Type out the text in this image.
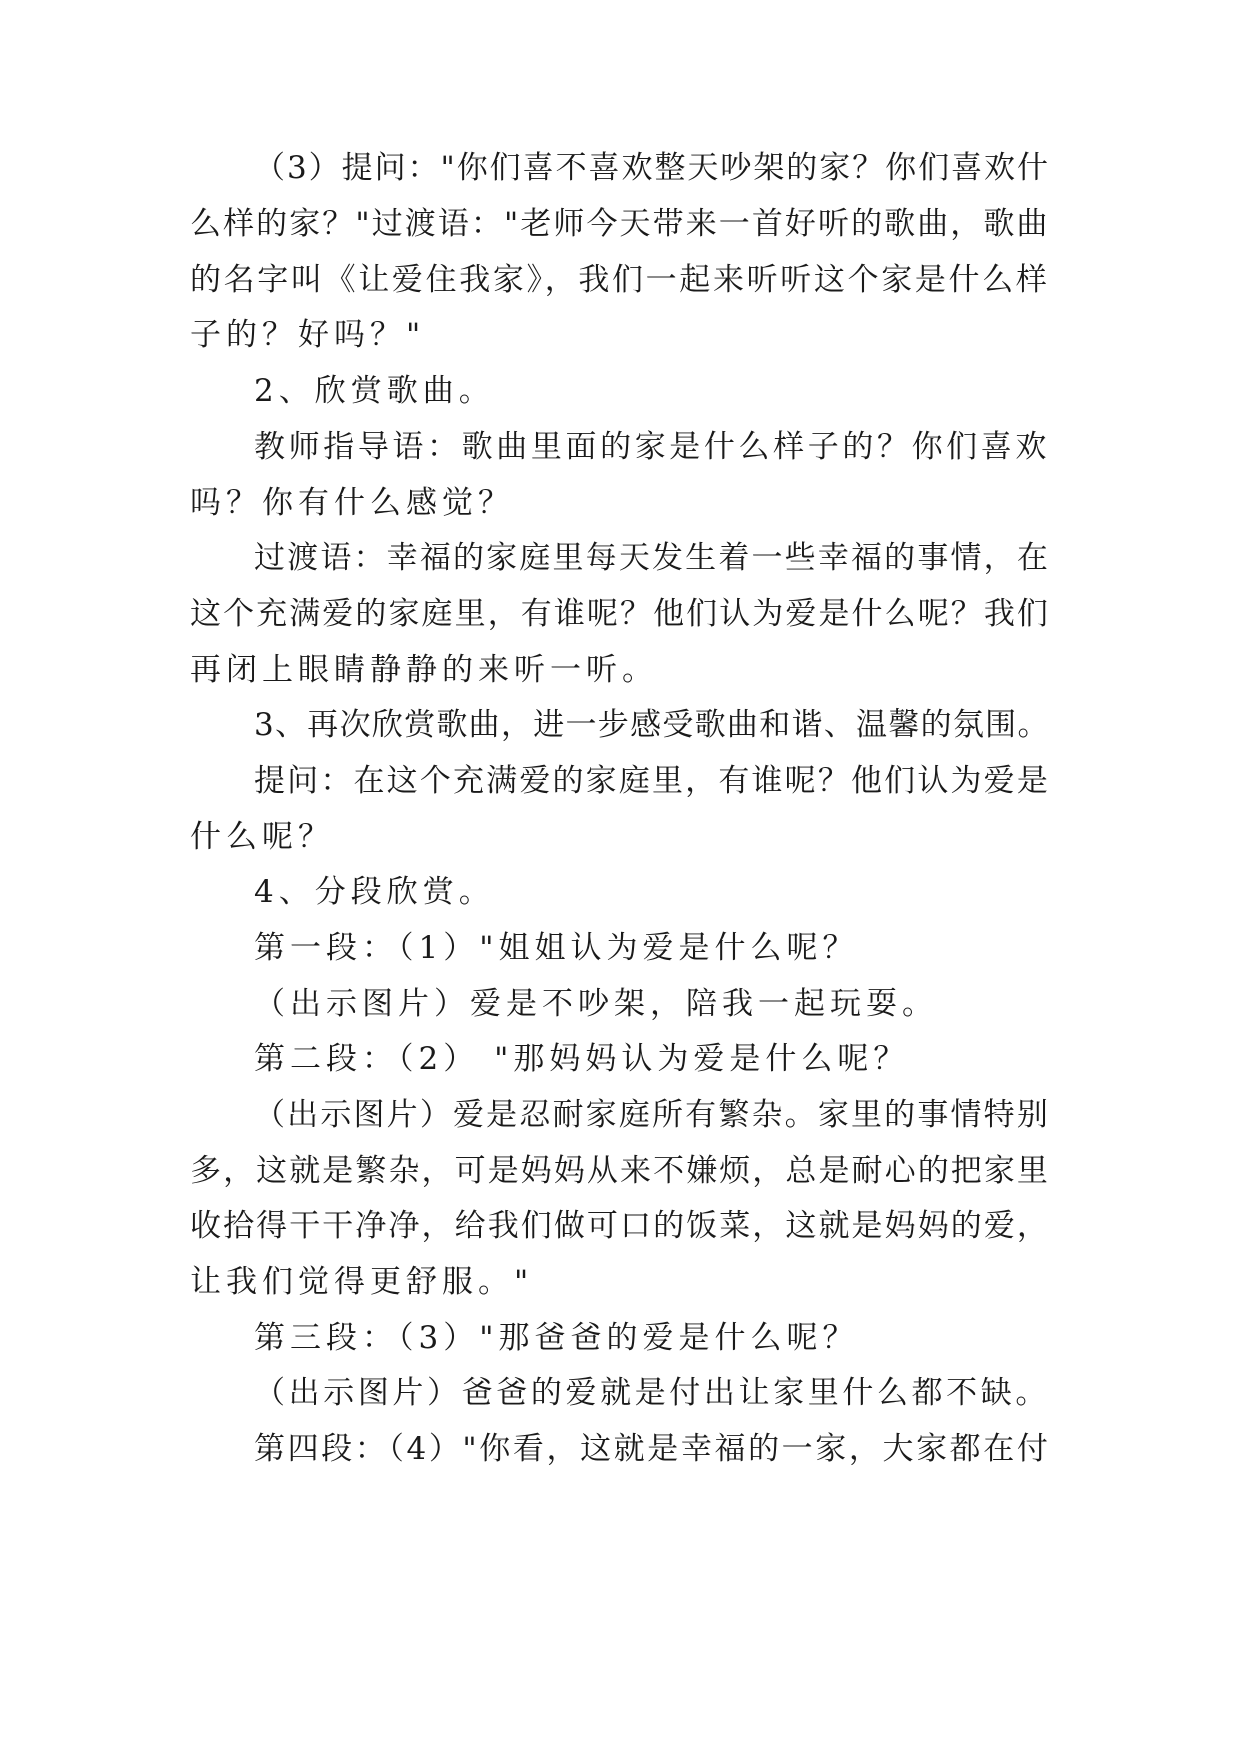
（3）提问："你们喜不喜欢整天吵架的家？你们喜欢什

么样的家？"过渡语："老师今天带来一首好听的歌曲，歌曲

的名字叫《让爱住我家》，我们一起来听听这个家是什么样

子的？好吗？"

2、欣赏歌曲。

教师指导语：歌曲里面的家是什么样子的？你们喜欢

吗？你有什么感觉？

过渡语：幸福的家庭里每天发生着一些幸福的事情，在

这个充满爱的家庭里，有谁呢？他们认为爱是什么呢？我们

再闭上眼睛静静的来听一听。

3、再次欣赏歌曲，进一步感受歌曲和谐、温馨的氛围。

提问：在这个充满爱的家庭里，有谁呢？他们认为爱是

什么呢？

4、分段欣赏。

第一段：（1）"姐姐认为爱是什么呢？

（出示图片）爱是不吵架，陪我一起玩耍。

第二段：（2） "那妈妈认为爱是什么呢？

（出示图片）爱是忍耐家庭所有繁杂。家里的事情特别

多，这就是繁杂，可是妈妈从来不嫌烦，总是耐心的把家里

收拾得干干净净，给我们做可口的饭菜，这就是妈妈的爱，

让我们觉得更舒服。"

第三段：（3）"那爸爸的爱是什么呢？

（出示图片）爸爸的爱就是付出让家里什么都不缺。

第四段：（4）"你看，这就是幸福的一家，大家都在付
